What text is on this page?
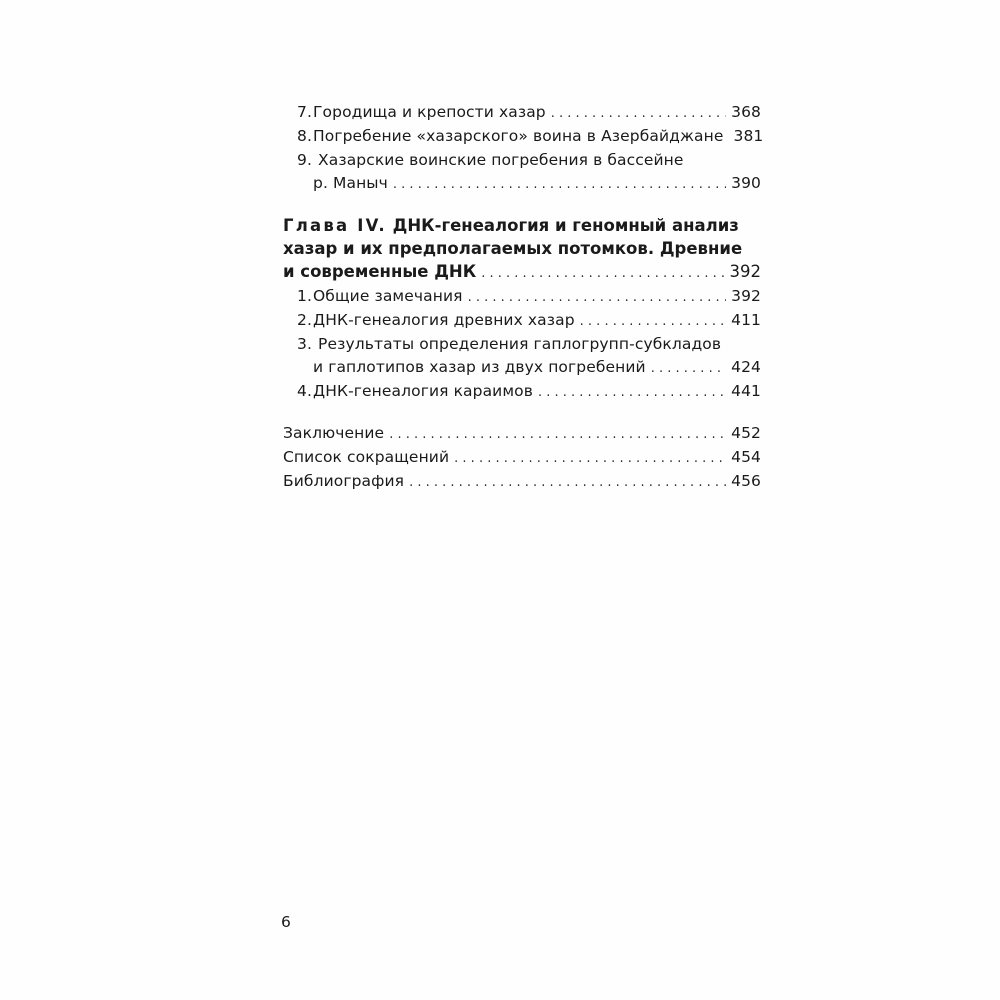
7. Городища и крепости хазар . . .	368
8. Погребение «хазарского» воина в Азербайджане 381
9. Хазарские воинские погребения в бассейне
р. Маныч . . .	390
Глава IV. ДНК-генеалогия и геномный анализ
хазар и их предполагаемых потомков. Древние
и современные ДНК . . .	392
1. Общие замечания . . .	392
2. ДНК-генеалогия древних хазар . . .	411
3. Результаты определения гаплогрупп-субкладов
и гаплотипов хазар из двух погребений . . .	424
4. ДНК-генеалогия караимов . . .	441
Заключение . . .	452
Список сокращений . . .	454
Библиография . . .	456
6
